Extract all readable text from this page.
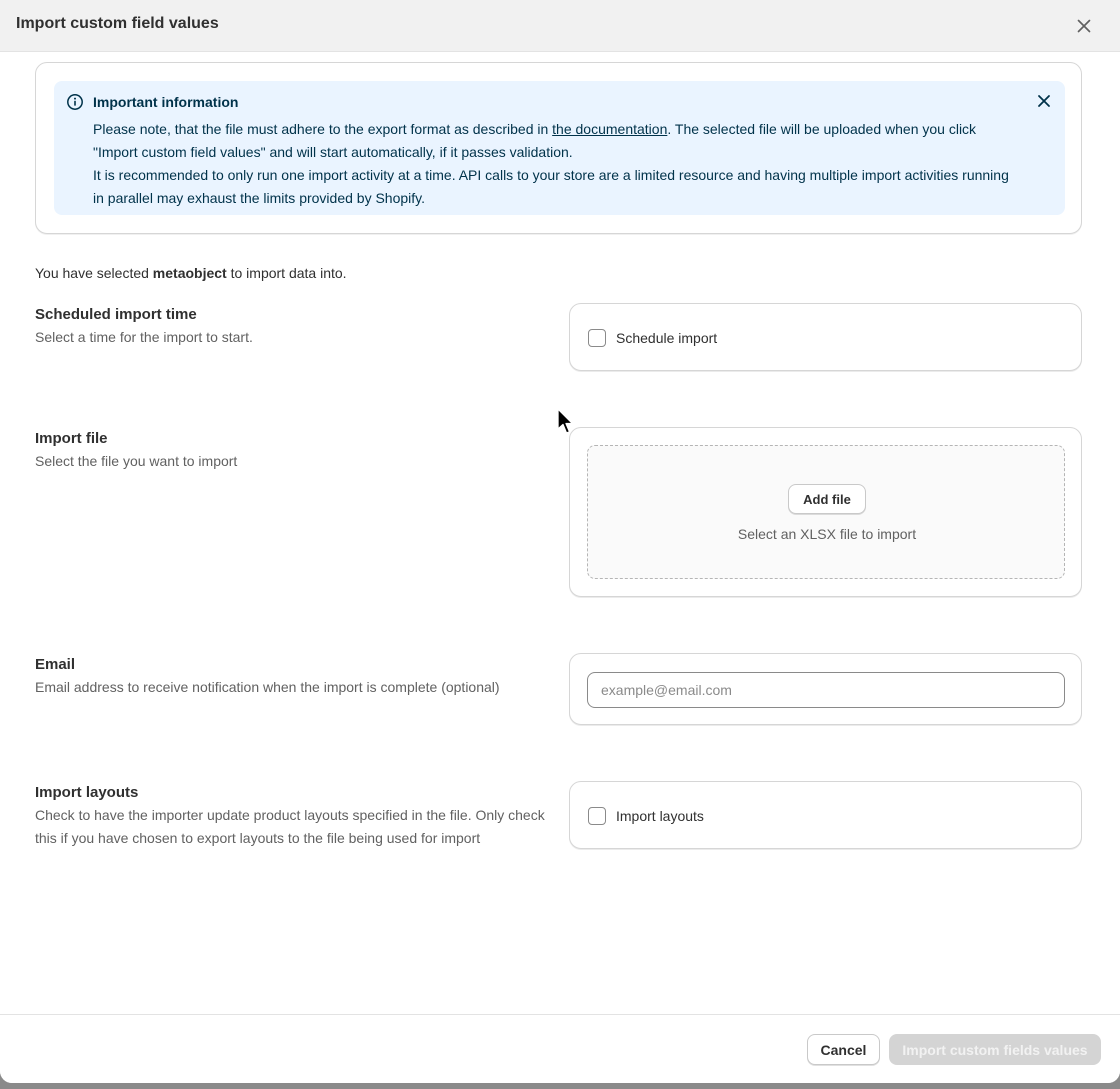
Import custom field values
Important information
Please note, that the file must adhere to the export format as described in the documentation. The selected file will be uploaded when you click "Import custom field values" and will start automatically, if it passes validation.
It is recommended to only run one import activity at a time. API calls to your store are a limited resource and having multiple import activities running in parallel may exhaust the limits provided by Shopify.
You have selected metaobject to import data into.
Scheduled import time
Select a time for the import to start.	Schedule import
Import file
Select the file you want to import
Add file
Select an XLSX file to import
Email
Email address to receive notification when the import is complete (optional)
example@email.com
Import layouts
Check to have the importer update product layouts specified in the file. Only check this if you have chosen to export layouts to the file being used for import
Import layouts
Cancel	Import custom fields values
